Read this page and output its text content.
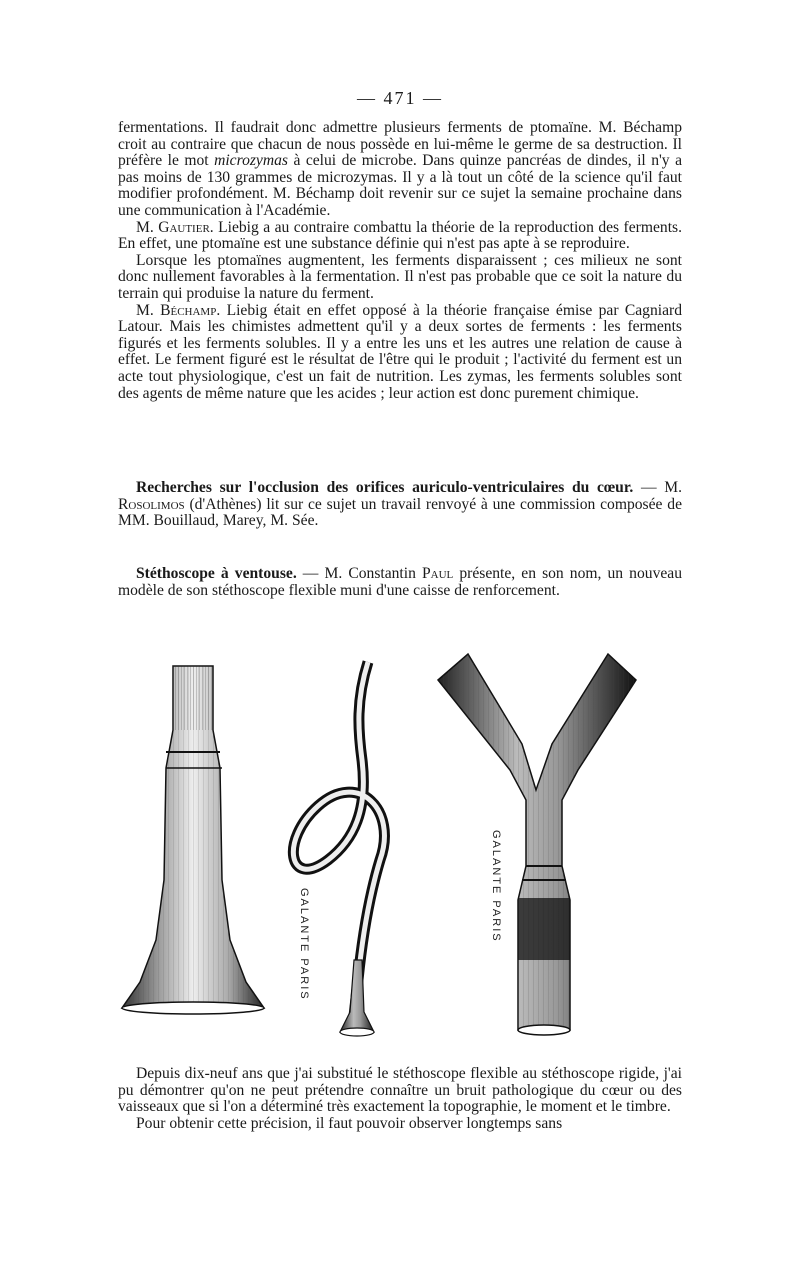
— 471 —

fermentations. Il faudrait donc admettre plusieurs ferments de ptomaïne. M. Béchamp croit au contraire que chacun de nous possède en lui-même le germe de sa destruction. Il préfère le mot microzymas à celui de microbe. Dans quinze pancréas de dindes, il n'y a pas moins de 130 grammes de microzymas. Il y a là tout un côté de la science qu'il faut modifier profondément. M. Béchamp doit revenir sur ce sujet la semaine prochaine dans une communication à l'Académie.

M. Gautier. Liebig a au contraire combattu la théorie de la reproduction des ferments. En effet, une ptomaïne est une substance définie qui n'est pas apte à se reproduire.

Lorsque les ptomaïnes augmentent, les ferments disparaissent ; ces milieux ne sont donc nullement favorables à la fermentation. Il n'est pas probable que ce soit la nature du terrain qui produise la nature du ferment.

M. Béchamp. Liebig était en effet opposé à la théorie française émise par Cagniard Latour. Mais les chimistes admettent qu'il y a deux sortes de ferments : les ferments figurés et les ferments solubles. Il y a entre les uns et les autres une relation de cause à effet. Le ferment figuré est le résultat de l'être qui le produit ; l'activité du ferment est un acte tout physiologique, c'est un fait de nutrition. Les zymas, les ferments solubles sont des agents de même nature que les acides ; leur action est donc purement chimique.

Recherches sur l'occlusion des orifices auriculo-ventriculaires du cœur. — M. Rosolimos (d'Athènes) lit sur ce sujet un travail renvoyé à une commission composée de MM. Bouillaud, Marey, M. Sée.

Stéthoscope à ventouse. — M. Constantin Paul présente, en son nom, un nouveau modèle de son stéthoscope flexible muni d'une caisse de renforcement.

GALANTE PARIS
GALANTE PARIS

Depuis dix-neuf ans que j'ai substitué le stéthoscope flexible au stéthoscope rigide, j'ai pu démontrer qu'on ne peut prétendre connaître un bruit pathologique du cœur ou des vaisseaux que si l'on a déterminé très exactement la topographie, le moment et le timbre.

Pour obtenir cette précision, il faut pouvoir observer longtemps sans
